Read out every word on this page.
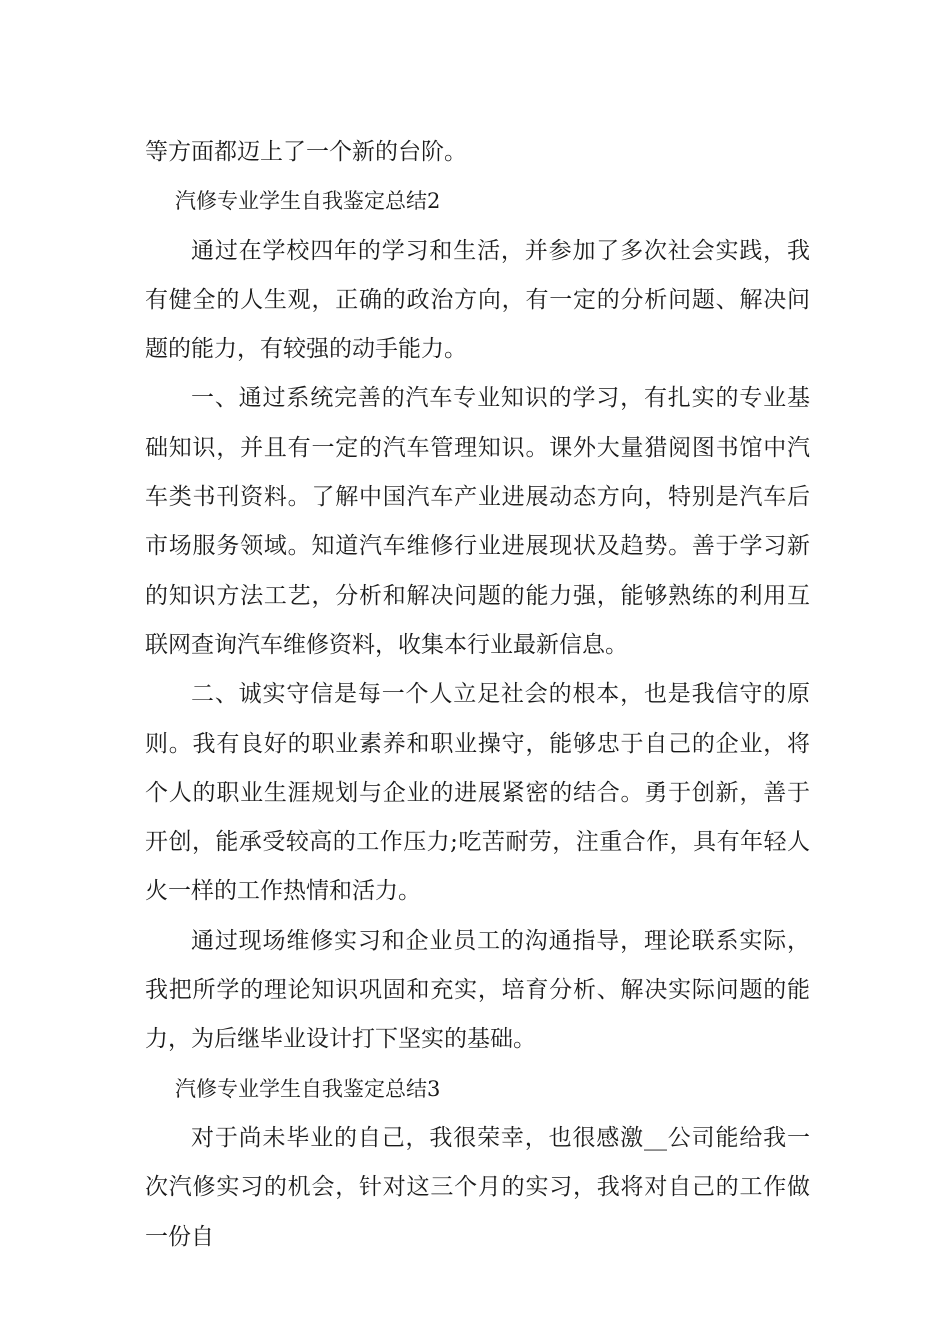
等方面都迈上了一个新的台阶。

汽修专业学生自我鉴定总结2

通过在学校四年的学习和生活，并参加了多次社会实践，我有健全的人生观，正确的政治方向，有一定的分析问题、解决问题的能力，有较强的动手能力。

一、通过系统完善的汽车专业知识的学习，有扎实的专业基础知识，并且有一定的汽车管理知识。课外大量猎阅图书馆中汽车类书刊资料。了解中国汽车产业进展动态方向，特别是汽车后市场服务领域。知道汽车维修行业进展现状及趋势。善于学习新的知识方法工艺，分析和解决问题的能力强，能够熟练的利用互联网查询汽车维修资料，收集本行业最新信息。

二、诚实守信是每一个人立足社会的根本，也是我信守的原则。我有良好的职业素养和职业操守，能够忠于自己的企业，将个人的职业生涯规划与企业的进展紧密的结合。勇于创新，善于开创，能承受较高的工作压力;吃苦耐劳，注重合作，具有年轻人火一样的工作热情和活力。

通过现场维修实习和企业员工的沟通指导，理论联系实际，我把所学的理论知识巩固和充实，培育分析、解决实际问题的能力，为后继毕业设计打下坚实的基础。

汽修专业学生自我鉴定总结3

对于尚未毕业的自己，我很荣幸，也很感激__公司能给我一次汽修实习的机会，针对这三个月的实习，我将对自己的工作做一份自
